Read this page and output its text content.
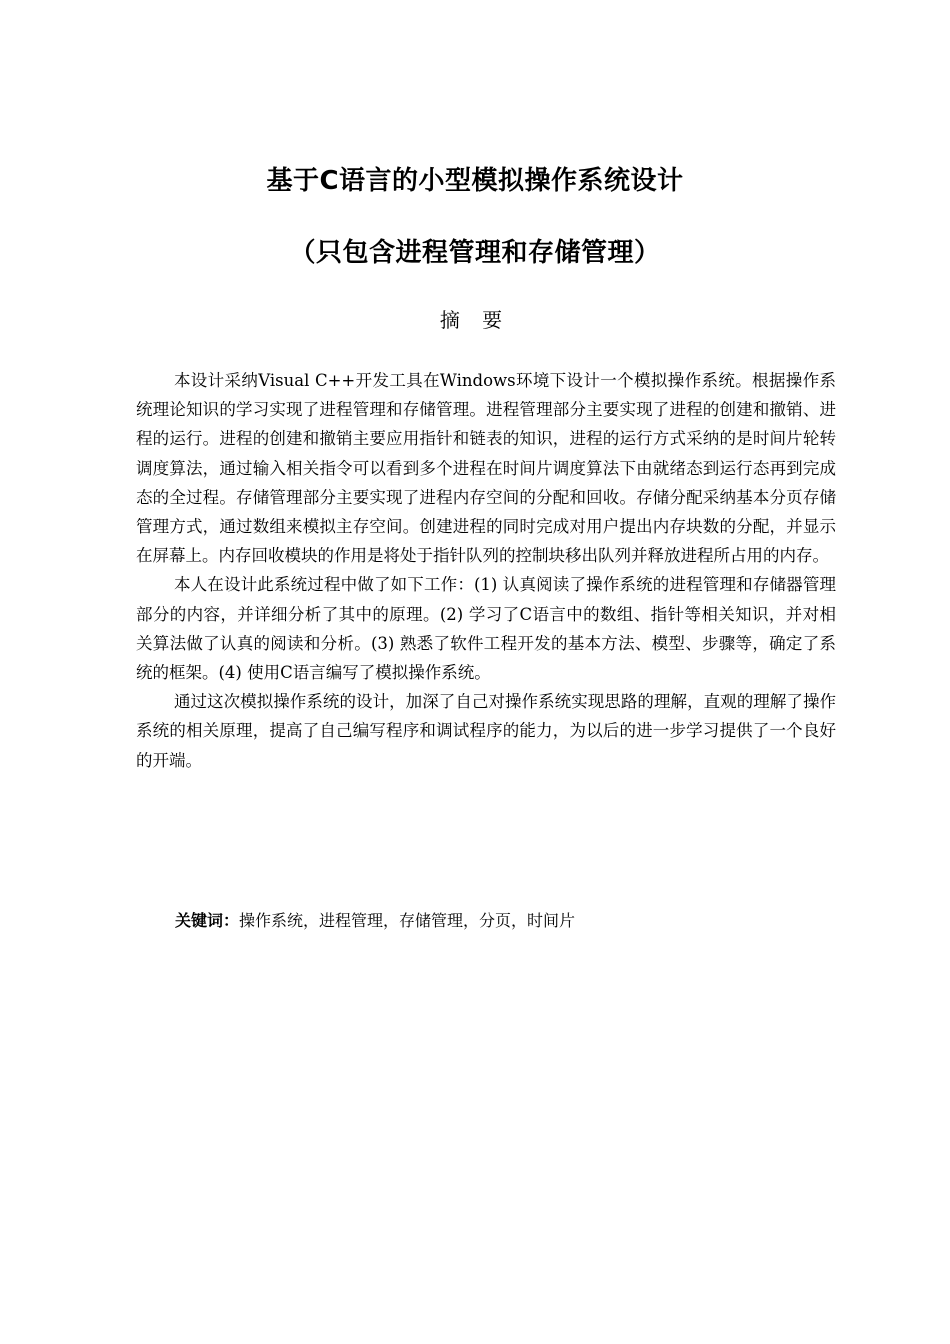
基于C语言的小型模拟操作系统设计
（只包含进程管理和存储管理）
摘 要

本设计采纳Visual C++开发工具在Windows环境下设计一个模拟操作系统。根据操作系统理论知识的学习实现了进程管理和存储管理。进程管理部分主要实现了进程的创建和撤销、进程的运行。进程的创建和撤销主要应用指针和链表的知识，进程的运行方式采纳的是时间片轮转调度算法，通过输入相关指令可以看到多个进程在时间片调度算法下由就绪态到运行态再到完成态的全过程。存储管理部分主要实现了进程内存空间的分配和回收。存储分配采纳基本分页存储管理方式，通过数组来模拟主存空间。创建进程的同时完成对用户提出内存块数的分配，并显示在屏幕上。内存回收模块的作用是将处于指针队列的控制块移出队列并释放进程所占用的内存。

本人在设计此系统过程中做了如下工作：(1) 认真阅读了操作系统的进程管理和存储器管理部分的内容，并详细分析了其中的原理。(2) 学习了C语言中的数组、指针等相关知识，并对相关算法做了认真的阅读和分析。(3) 熟悉了软件工程开发的基本方法、模型、步骤等，确定了系统的框架。(4) 使用C语言编写了模拟操作系统。

通过这次模拟操作系统的设计，加深了自己对操作系统实现思路的理解，直观的理解了操作系统的相关原理，提高了自己编写程序和调试程序的能力，为以后的进一步学习提供了一个良好的开端。

关键词：操作系统，进程管理，存储管理，分页，时间片
